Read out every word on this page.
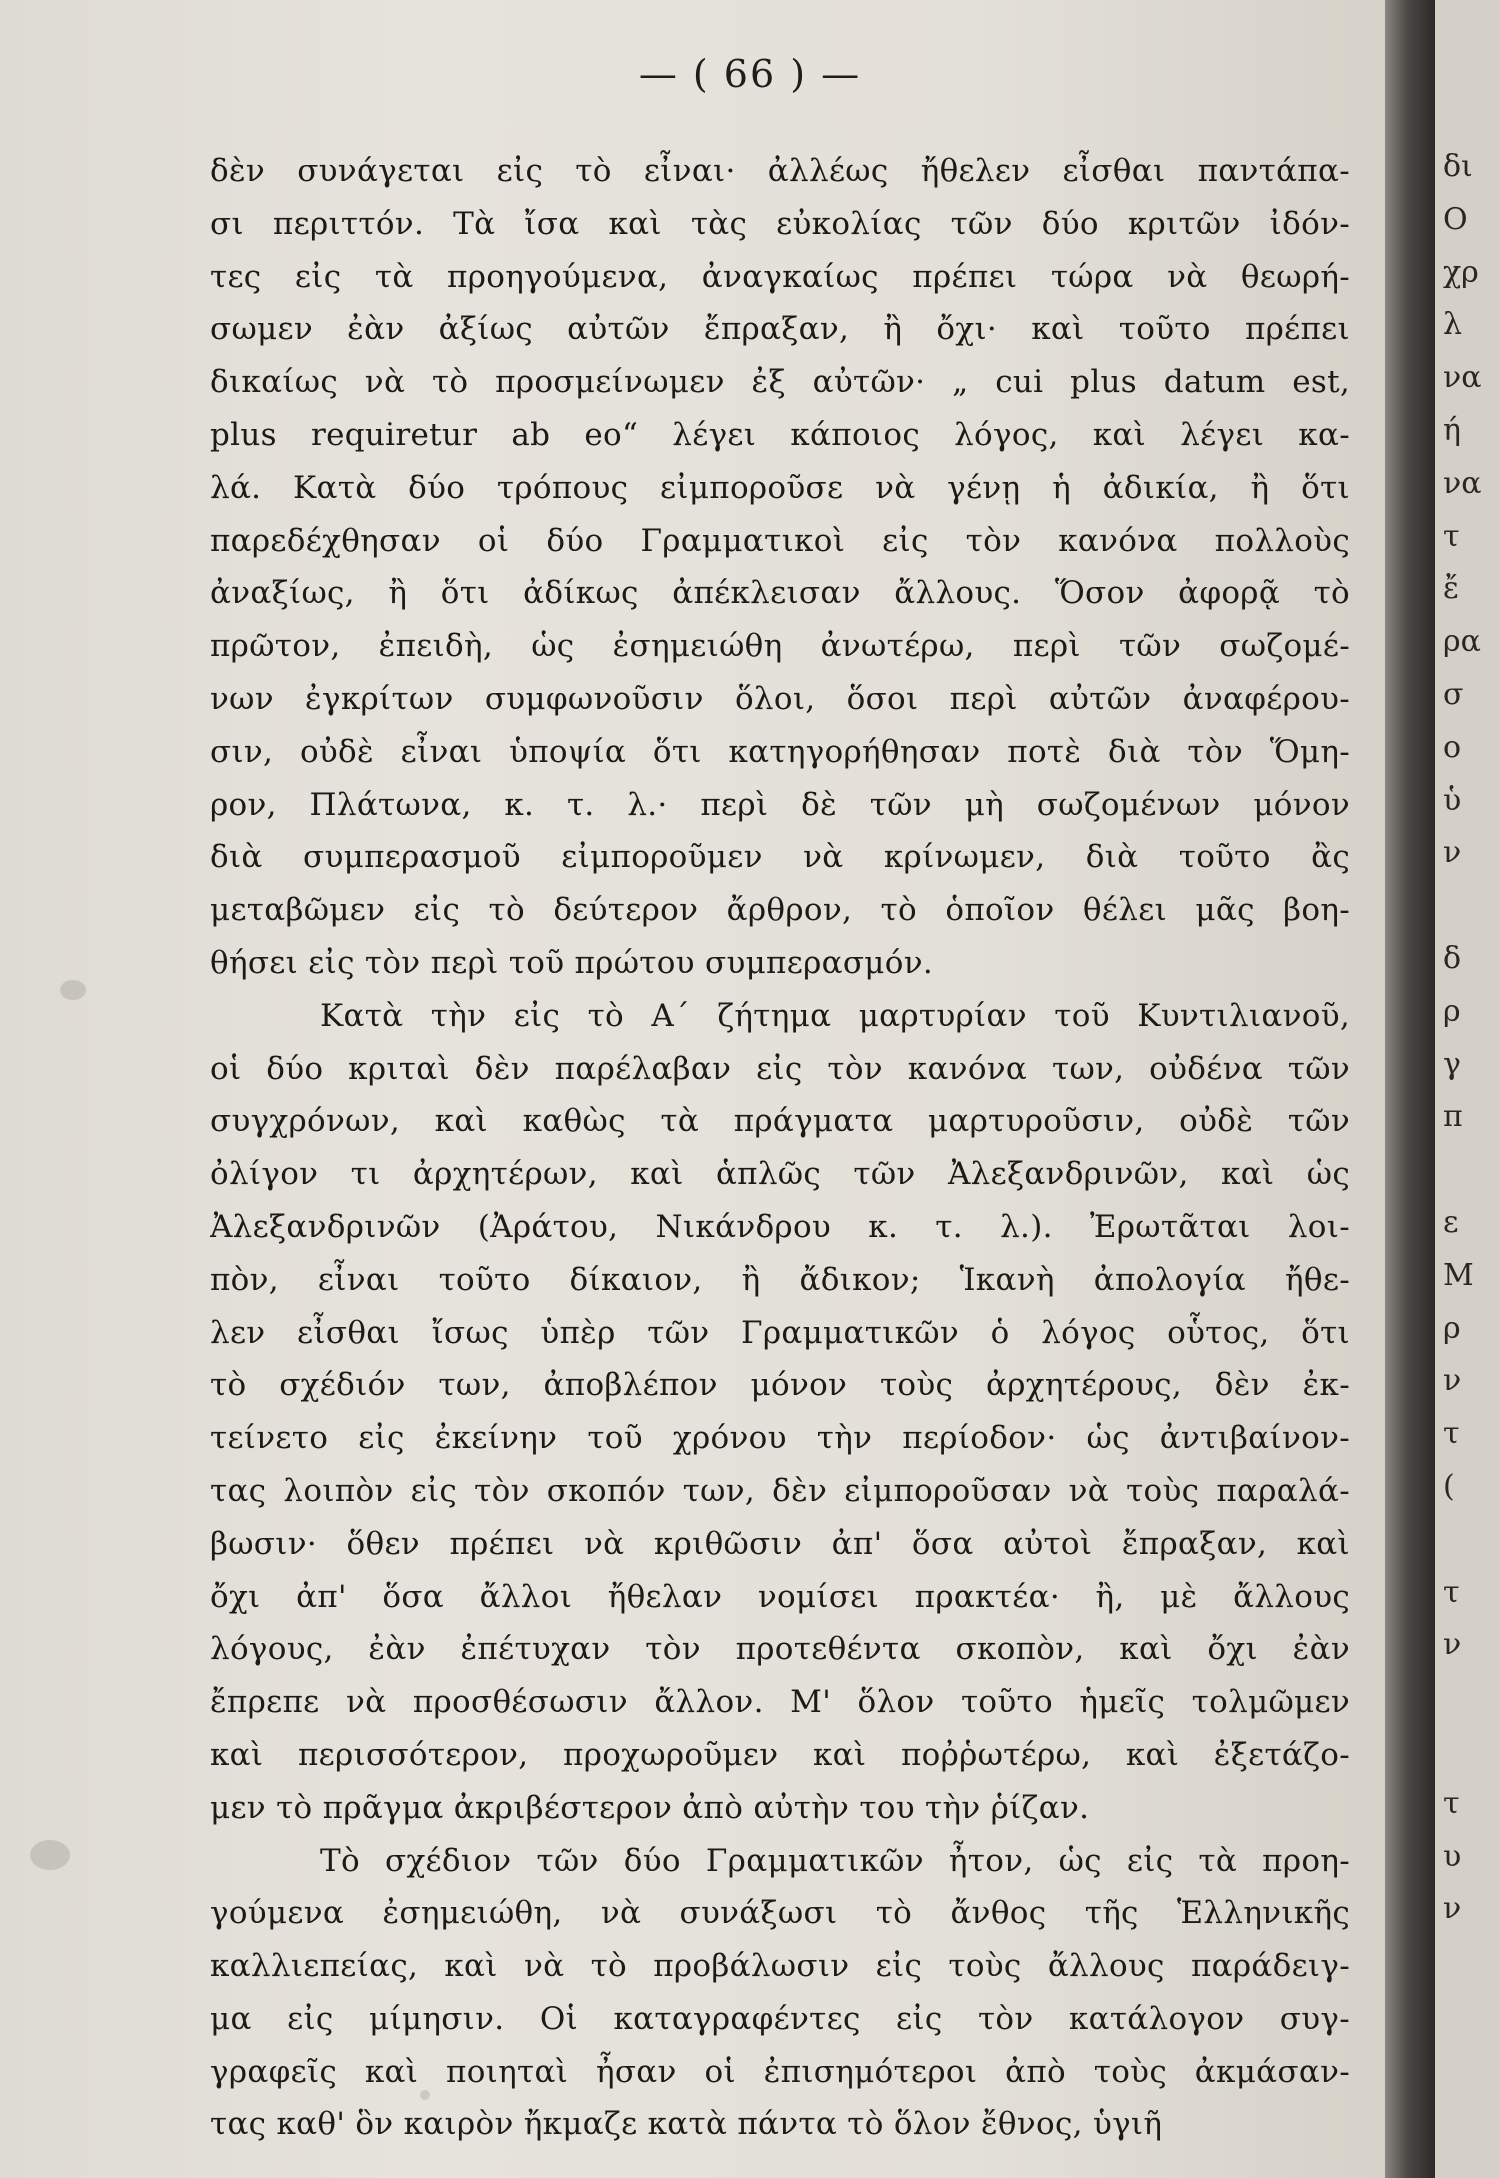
— ( 66 ) —
δὲν συνάγεται εἰς τὸ εἶναι· ἀλλέως ἤθελεν εἶσθαι παντάπα-
σι περιττόν. Τὰ ἴσα καὶ τὰς εὐκολίας τῶν δύο κριτῶν ἰδόν-
τες εἰς τὰ προηγούμενα, ἀναγκαίως πρέπει τώρα νὰ θεωρή-
σωμεν ἐὰν ἀξίως αὐτῶν ἔπραξαν, ἢ ὄχι· καὶ τοῦτο πρέπει
δικαίως νὰ τὸ προσμείνωμεν ἐξ αὐτῶν· „ cui plus datum est,
plus requiretur ab eo“ λέγει κάποιος λόγος, καὶ λέγει κα-
λά. Κατὰ δύο τρόπους εἰμποροῦσε νὰ γένῃ ἡ ἀδικία, ἢ ὅτι
παρεδέχθησαν οἱ δύο Γραμματικοὶ εἰς τὸν κανόνα πολλοὺς
ἀναξίως, ἢ ὅτι ἀδίκως ἀπέκλεισαν ἄλλους. Ὅσον ἀφορᾷ τὸ
πρῶτον, ἐπειδὴ, ὡς ἐσημειώθη ἀνωτέρω, περὶ τῶν σωζομέ-
νων ἐγκρίτων συμφωνοῦσιν ὅλοι, ὅσοι περὶ αὐτῶν ἀναφέρου-
σιν, οὐδὲ εἶναι ὑποψία ὅτι κατηγορήθησαν ποτὲ διὰ τὸν Ὅμη-
ρον, Πλάτωνα, κ. τ. λ.· περὶ δὲ τῶν μὴ σωζομένων μόνον
διὰ συμπερασμοῦ εἰμποροῦμεν νὰ κρίνωμεν, διὰ τοῦτο ἂς
μεταβῶμεν εἰς τὸ δεύτερον ἄρθρον, τὸ ὁποῖον θέλει μᾶς βοη-
θήσει εἰς τὸν περὶ τοῦ πρώτου συμπερασμόν.
Κατὰ τὴν εἰς τὸ Α΄ ζήτημα μαρτυρίαν τοῦ Κυντιλιανοῦ,
οἱ δύο κριταὶ δὲν παρέλαβαν εἰς τὸν κανόνα των, οὐδένα τῶν
συγχρόνων, καὶ καθὼς τὰ πράγματα μαρτυροῦσιν, οὐδὲ τῶν
ὀλίγον τι ἀρχητέρων, καὶ ἁπλῶς τῶν Ἀλεξανδρινῶν, καὶ ὡς
Ἀλεξανδρινῶν (Ἀράτου, Νικάνδρου κ. τ. λ.). Ἐρωτᾶται λοι-
πὸν, εἶναι τοῦτο δίκαιον, ἢ ἄδικον; Ἱκανὴ ἀπολογία ἤθε-
λεν εἶσθαι ἴσως ὑπὲρ τῶν Γραμματικῶν ὁ λόγος οὗτος, ὅτι
τὸ σχέδιόν των, ἀποβλέπον μόνον τοὺς ἀρχητέρους, δὲν ἐκ-
τείνετο εἰς ἐκείνην τοῦ χρόνου τὴν περίοδον· ὡς ἀντιβαίνον-
τας λοιπὸν εἰς τὸν σκοπόν των, δὲν εἰμποροῦσαν νὰ τοὺς παραλά-
βωσιν· ὅθεν πρέπει νὰ κριθῶσιν ἀπ' ὅσα αὐτοὶ ἔπραξαν, καὶ
ὄχι ἀπ' ὅσα ἄλλοι ἤθελαν νομίσει πρακτέα· ἢ, μὲ ἄλλους
λόγους, ἐὰν ἐπέτυχαν τὸν προτεθέντα σκοπὸν, καὶ ὄχι ἐὰν
ἔπρεπε νὰ προσθέσωσιν ἄλλον. Μ' ὅλον τοῦτο ἡμεῖς τολμῶμεν
καὶ περισσότερον, προχωροῦμεν καὶ ποῤῥωτέρω, καὶ ἐξετάζο-
μεν τὸ πρᾶγμα ἀκριβέστερον ἀπὸ αὐτὴν του τὴν ῥίζαν.
Τὸ σχέδιον τῶν δύο Γραμματικῶν ἦτον, ὡς εἰς τὰ προη-
γούμενα ἐσημειώθη, νὰ συνάξωσι τὸ ἄνθος τῆς Ἑλληνικῆς
καλλιεπείας, καὶ νὰ τὸ προβάλωσιν εἰς τοὺς ἄλλους παράδειγ-
μα εἰς μίμησιν. Οἱ καταγραφέντες εἰς τὸν κατάλογον συγ-
γραφεῖς καὶ ποιηταὶ ἦσαν οἱ ἐπισημότεροι ἀπὸ τοὺς ἀκμάσαν-
τας καθ' ὃν καιρὸν ἤκμαζε κατὰ πάντα τὸ ὅλον ἔθνος, ὑγιῆ
δι
Ο
χρ
λ
να
ή
να
τ
ἔ
ρα
σ
ο
ὑ
ν
δ
ρ
γ
π
ε
Μ
ρ
ν
τ
(
τ
ν
τ
υ
ν
